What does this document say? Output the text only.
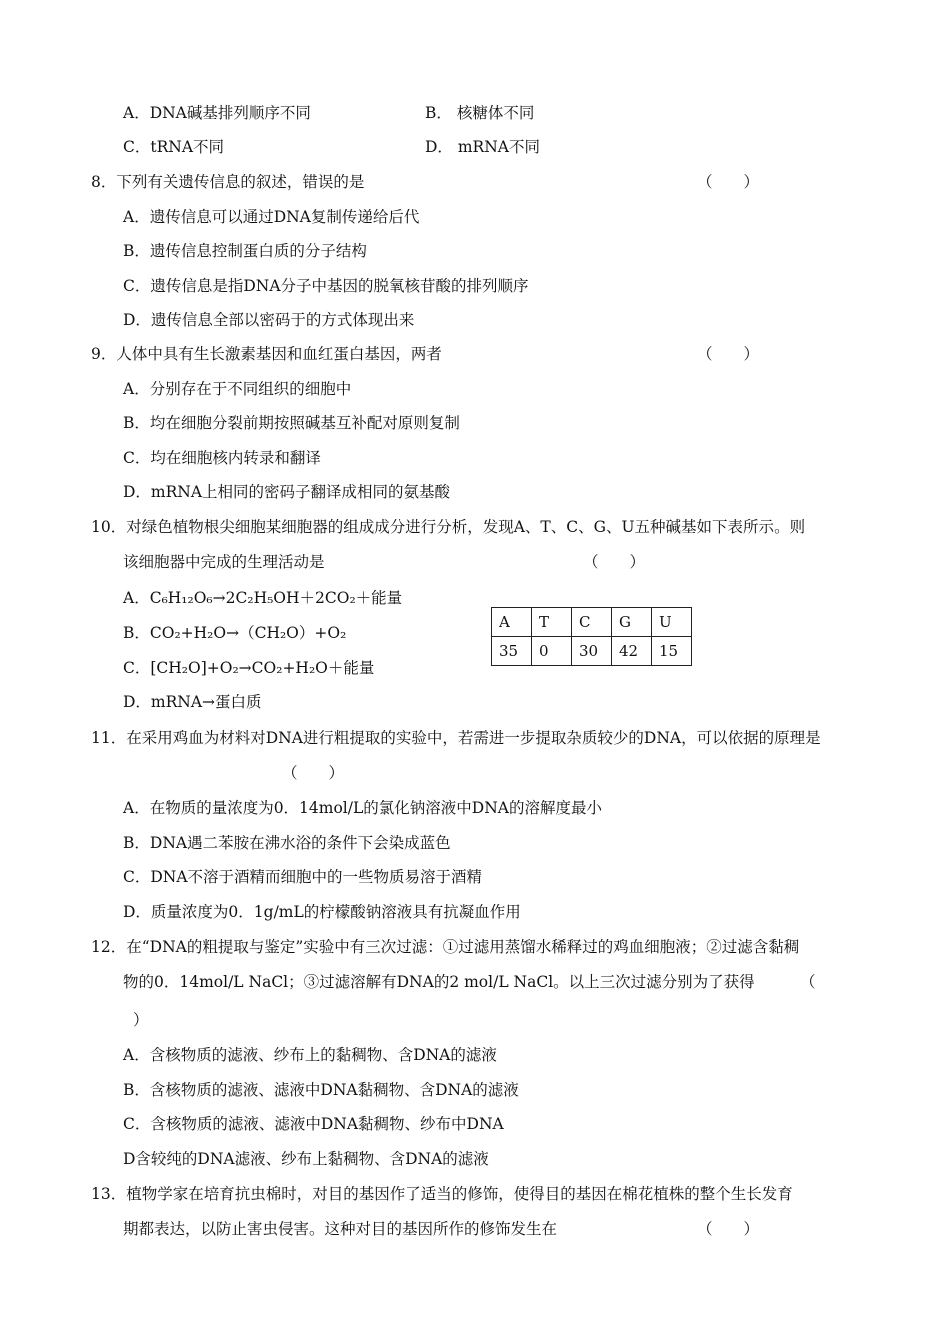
A．DNA碱基排列顺序不同	B． 核糖体不同
C．tRNA不同	D． mRNA不同
8．下列有关遗传信息的叙述，错误的是	（　　）
A．遗传信息可以通过DNA复制传递给后代
B．遗传信息控制蛋白质的分子结构
C．遗传信息是指DNA分子中基因的脱氧核苷酸的排列顺序
D．遗传信息全部以密码于的方式体现出来
9．人体中具有生长激素基因和血红蛋白基因，两者	（　　）
A．分别存在于不同组织的细胞中
B．均在细胞分裂前期按照碱基互补配对原则复制
C．均在细胞核内转录和翻译
D．mRNA上相同的密码子翻译成相同的氨基酸
10．对绿色植物根尖细胞某细胞器的组成成分进行分析，发现A、T、C、G、U五种碱基如下表所示。则
该细胞器中完成的生理活动是	（　　）
A．C₆H₁₂O₆→2C₂H₅OH＋2CO₂＋能量
B．CO₂+H₂O→（CH₂O）+O₂
C．[CH₂O]+O₂→CO₂+H₂O＋能量
D．mRNA→蛋白质
A	T	C	G	U
35	0	30	42	15
11．在采用鸡血为材料对DNA进行粗提取的实验中，若需进一步提取杂质较少的DNA，可以依据的原理是
（　　）
A．在物质的量浓度为0．14mol/L的氯化钠溶液中DNA的溶解度最小
B．DNA遇二苯胺在沸水浴的条件下会染成蓝色
C．DNA不溶于酒精而细胞中的一些物质易溶于酒精
D．质量浓度为0．1g/mL的柠檬酸钠溶液具有抗凝血作用
12．在“DNA的粗提取与鉴定”实验中有三次过滤：①过滤用蒸馏水稀释过的鸡血细胞液；②过滤含黏稠
物的0．14mol/L NaCl；③过滤溶解有DNA的2 mol/L NaCl。以上三次过滤分别为了获得	（
）
A．含核物质的滤液、纱布上的黏稠物、含DNA的滤液
B．含核物质的滤液、滤液中DNA黏稠物、含DNA的滤液
C．含核物质的滤液、滤液中DNA黏稠物、纱布中DNA
D含较纯的DNA滤液、纱布上黏稠物、含DNA的滤液
13．植物学家在培育抗虫棉时，对目的基因作了适当的修饰，使得目的基因在棉花植株的整个生长发育
期都表达，以防止害虫侵害。这种对目的基因所作的修饰发生在	（　　）
